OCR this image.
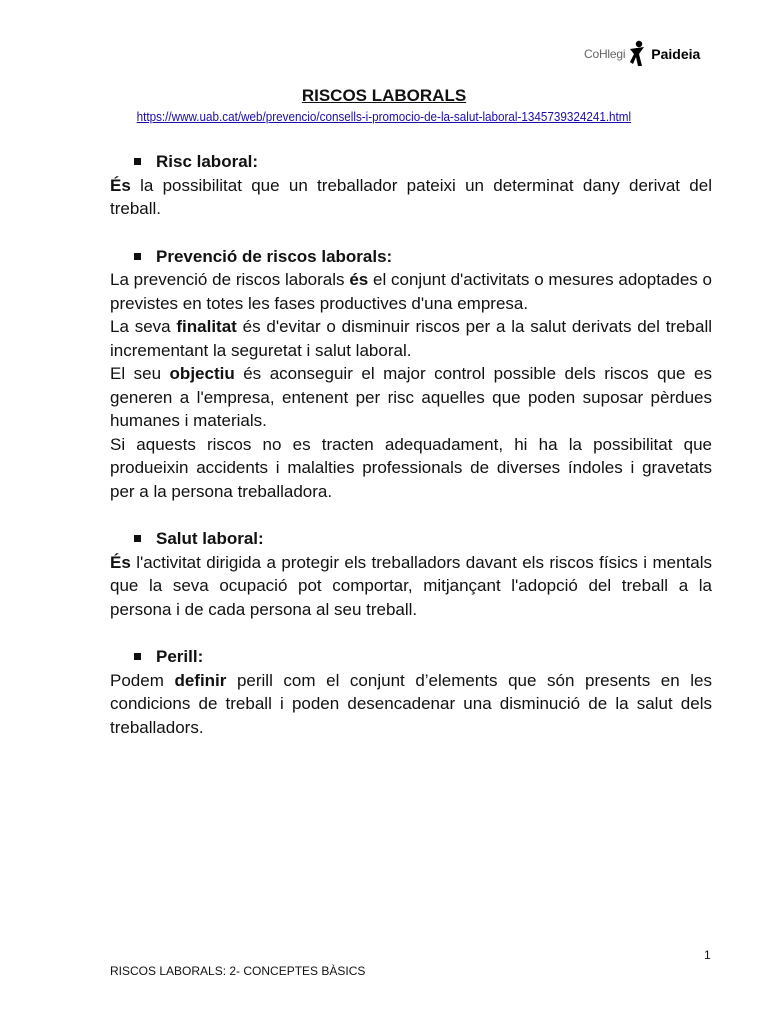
CoHlegi Paideia
RISCOS LABORALS
https://www.uab.cat/web/prevencio/consells-i-promocio-de-la-salut-laboral-1345739324241.html
Risc laboral:

És la possibilitat que un treballador pateixi un determinat dany derivat del treball.

Prevenció de riscos laborals:

La prevenció de riscos laborals és el conjunt d'activitats o mesures adoptades o previstes en totes les fases productives d'una empresa.

La seva finalitat és d'evitar o disminuir riscos per a la salut derivats del treball incrementant la seguretat i salut laboral.

El seu objectiu és aconseguir el major control possible dels riscos que es generen a l'empresa, entenent per risc aquelles que poden suposar pèrdues humanes i materials.

Si aquests riscos no es tracten adequadament, hi ha la possibilitat que produeixin accidents i malalties professionals de diverses índoles i gravetats per a la persona treballadora.

Salut laboral:

És l'activitat dirigida a protegir els treballadors davant els riscos físics i mentals que la seva ocupació pot comportar, mitjançant l'adopció del treball a la persona i de cada persona al seu treball.

Perill:

Podem definir perill com el conjunt d’elements que són presents en les condicions de treball i poden desencadenar una disminució de la salut dels treballadors.

1
RISCOS LABORALS: 2- CONCEPTES BÀSICS
